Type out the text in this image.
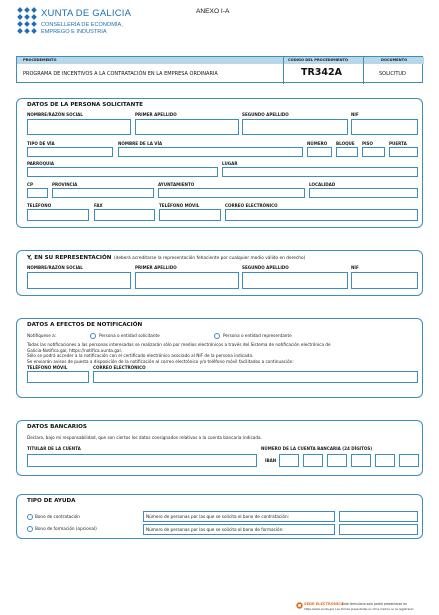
XUNTA DE GALICIA
CONSELLERÍA DE ECONOMÍA,
EMPREGO E INDUSTRIA
ANEXO I-A
PROCEDEMENTO
PROGRAMA DE INCENTIVOS A LA CONTRATACIÓN EN LA EMPRESA ORDINARIA
CÓDIGO DEL PROCEDIMIENTO
TR342A
DOCUMENTO
SOLICITUD
DATOS DE LA PERSONA SOLICITANTE
NOMBRE/RAZÓN SOCIAL	PRIMER APELLIDO	SEGUNDO APELLIDO	NIF
TIPO DE VÍA	NOMBRE DE LA VÍA	NÚMERO BLOQUE PISO	PUERTA
PARROQUIA	LUGAR
CP	PROVINCIA	AYUNTAMIENTO	LOCALIDAD
TELÉFONO	FAX	TELÉFONO MÓVIL	CORREO ELECTRÓNICO
Y, EN SU REPRESENTACIÓN (deberá acreditarse la representación fehaciente por cualquier medio válido en derecho)
NOMBRE/RAZÓN SOCIAL	PRIMER APELLIDO	SEGUNDO APELLIDO	NIF
DATOS A EFECTOS DE NOTIFICACIÓN
Notifíquese a:	Persona o entidad solicitante	Persona o entidad representante
Todas las notificaciones a las personas interesadas se realizarán sólo por medios electrónicos a través del Sistema de notificación electrónica de
Galicia-Notifica.gal, https://notifica.xunta.gal.
Sólo se podrá acceder a la notificación con el certificado electrónico asociado al NIF de la persona indicada.
Se enviarán avisos de puesta a disposición de la notificación al correo electrónico y/o teléfono móvil facilitados a continuación:
TELÉFONO MÓVIL	CORREO ELECTRÓNICO
DATOS BANCARIOS
Declaro, bajo mi responsabilidad, que son ciertos los datos consignados relativos a la cuenta bancaria indicada.
TITULAR DE LA CUENTA	NÚMERO DE LA CUENTA BANCARIA (24 DÍGITOS)
IBAN
TIPO DE AYUDA
Bono de contratación
Bono de formación (opcional)
Número de personas por las que se solicita el bono de contratación:
Número de personas por las que se solicita el bono de formación:
SEDE ELECTRÓNICA
Este formulario solo podrá presentarse en
https://sede.xunta.gal. Las formas presentadas en otros medios no se registrarán
